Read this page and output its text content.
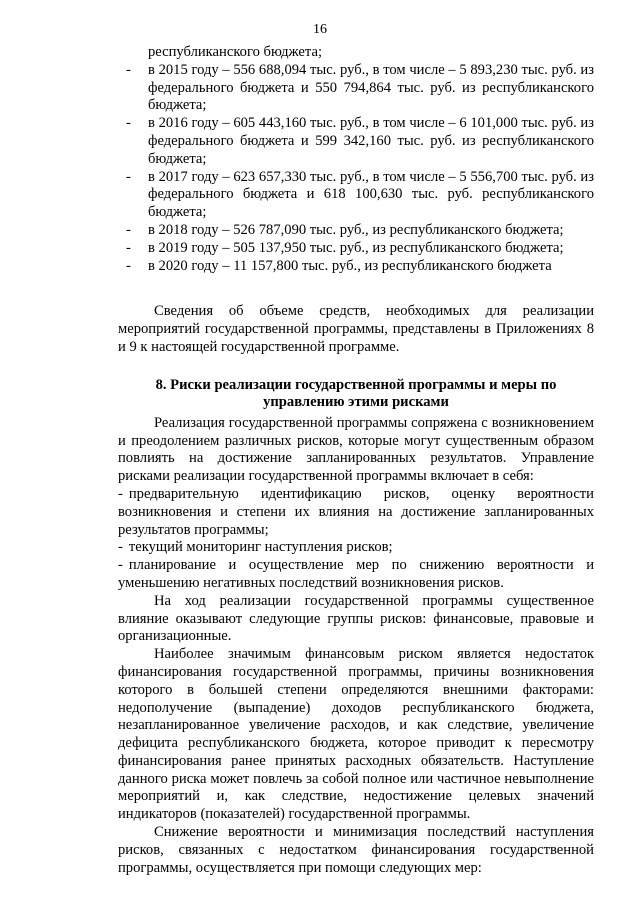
16
республиканского бюджета;
- в 2015 году – 556 688,094 тыс. руб., в том числе – 5 893,230 тыс. руб. из федерального бюджета и 550 794,864 тыс. руб. из республиканского бюджета;
- в 2016 году – 605 443,160 тыс. руб., в том числе – 6 101,000 тыс. руб. из федерального бюджета и 599 342,160 тыс. руб. из республиканского бюджета;
- в 2017 году – 623 657,330 тыс. руб., в том числе – 5 556,700 тыс. руб. из федерального бюджета и 618 100,630 тыс. руб. республиканского бюджета;
- в 2018 году – 526 787,090 тыс. руб., из республиканского бюджета;
- в 2019 году – 505 137,950 тыс. руб., из республиканского бюджета;
- в 2020 году – 11 157,800 тыс. руб., из республиканского бюджета

Сведения об объеме средств, необходимых для реализации мероприятий государственной программы, представлены в Приложениях 8 и 9 к настоящей государственной программе.

8. Риски реализации государственной программы и меры по управлению этими рисками

Реализация государственной программы сопряжена с возникновением и преодолением различных рисков, которые могут существенным образом повлиять на достижение запланированных результатов. Управление рисками реализации государственной программы включает в себя:

- предварительную идентификацию рисков, оценку вероятности возникновения и степени их влияния на достижение запланированных результатов программы;

- текущий мониторинг наступления рисков;

- планирование и осуществление мер по снижению вероятности и уменьшению негативных последствий возникновения рисков.

На ход реализации государственной программы существенное влияние оказывают следующие группы рисков: финансовые, правовые и организационные.

Наиболее значимым финансовым риском является недостаток финансирования государственной программы, причины возникновения которого в большей степени определяются внешними факторами: недополучение (выпадение) доходов республиканского бюджета, незапланированное увеличение расходов, и как следствие, увеличение дефицита республиканского бюджета, которое приводит к пересмотру финансирования ранее принятых расходных обязательств. Наступление данного риска может повлечь за собой полное или частичное невыполнение мероприятий и, как следствие, недостижение целевых значений индикаторов (показателей) государственной программы.

Снижение вероятности и минимизация последствий наступления рисков, связанных с недостатком финансирования государственной программы, осуществляется при помощи следующих мер:
